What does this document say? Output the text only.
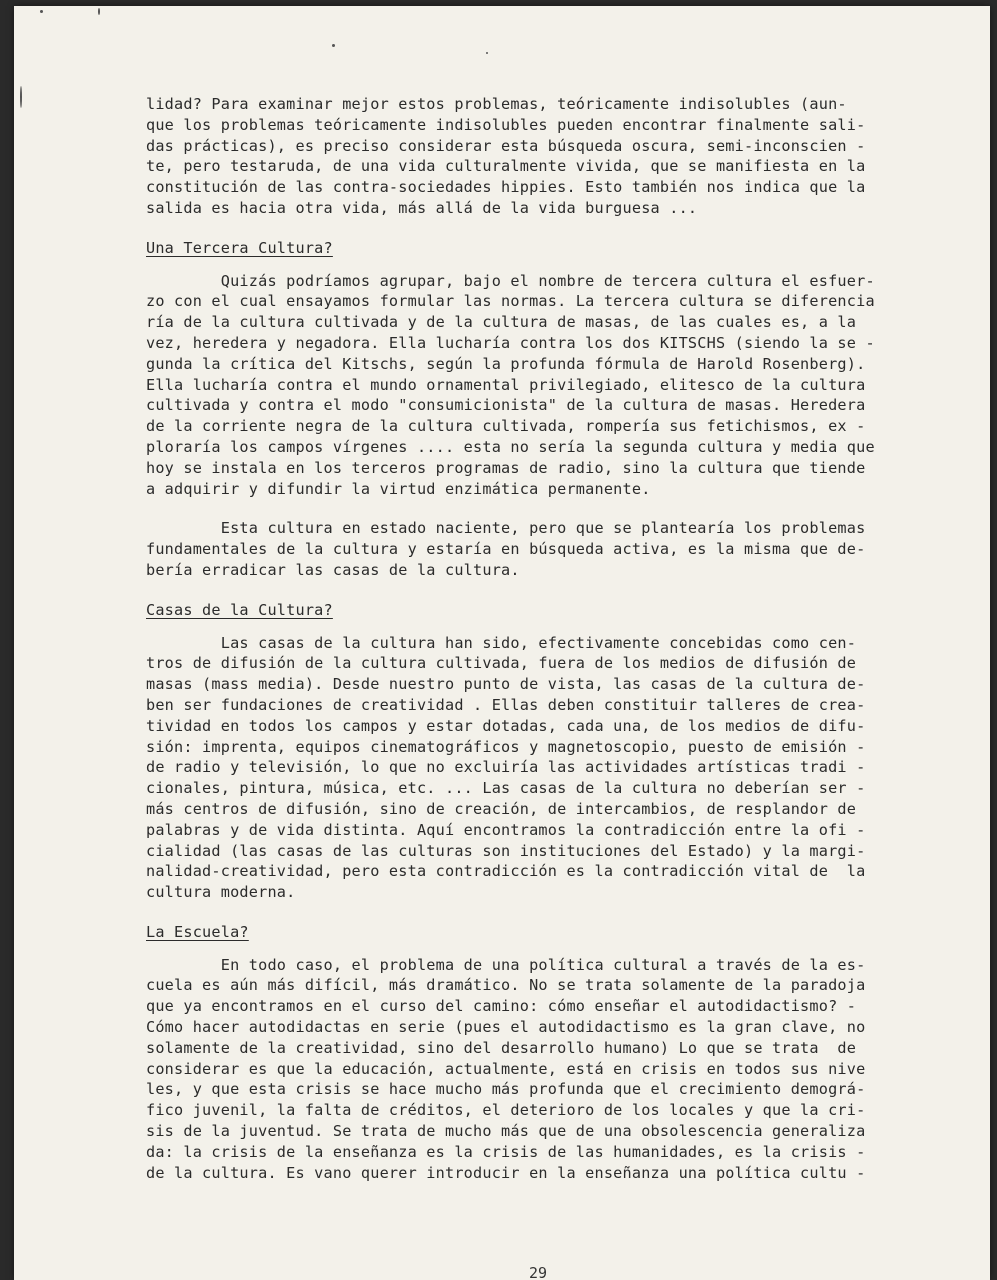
lidad? Para examinar mejor estos problemas, teóricamente indisolubles (aun-
que los problemas teóricamente indisolubles pueden encontrar finalmente sali-
das prácticas), es preciso considerar esta búsqueda oscura, semi-inconscien -
te, pero testaruda, de una vida culturalmente vivida, que se manifiesta en la
constitución de las contra-sociedades hippies. Esto también nos indica que la
salida es hacia otra vida, más allá de la vida burguesa ...
Una Tercera Cultura?
Quizás podríamos agrupar, bajo el nombre de tercera cultura el esfuer-
zo con el cual ensayamos formular las normas. La tercera cultura se diferencia
ría de la cultura cultivada y de la cultura de masas, de las cuales es, a la
vez, heredera y negadora. Ella lucharía contra los dos KITSCHS (siendo la se -
gunda la crítica del Kitschs, según la profunda fórmula de Harold Rosenberg).
Ella lucharía contra el mundo ornamental privilegiado, elitesco de la cultura
cultivada y contra el modo "consumicionista" de la cultura de masas. Heredera
de la corriente negra de la cultura cultivada, rompería sus fetichismos, ex -
ploraría los campos vírgenes .... esta no sería la segunda cultura y media que
hoy se instala en los terceros programas de radio, sino la cultura que tiende
a adquirir y difundir la virtud enzimática permanente.
Esta cultura en estado naciente, pero que se plantearía los problemas
fundamentales de la cultura y estaría en búsqueda activa, es la misma que de-
bería erradicar las casas de la cultura.
Casas de la Cultura?
Las casas de la cultura han sido, efectivamente concebidas como cen-
tros de difusión de la cultura cultivada, fuera de los medios de difusión de
masas (mass media). Desde nuestro punto de vista, las casas de la cultura de-
ben ser fundaciones de creatividad . Ellas deben constituir talleres de crea-
tividad en todos los campos y estar dotadas, cada una, de los medios de difu-
sión: imprenta, equipos cinematográficos y magnetoscopio, puesto de emisión -
de radio y televisión, lo que no excluiría las actividades artísticas tradi -
cionales, pintura, música, etc. ... Las casas de la cultura no deberían ser -
más centros de difusión, sino de creación, de intercambios, de resplandor de
palabras y de vida distinta. Aquí encontramos la contradicción entre la ofi -
cialidad (las casas de las culturas son instituciones del Estado) y la margi-
nalidad-creatividad, pero esta contradicción es la contradicción vital de  la
cultura moderna.
La Escuela?
En todo caso, el problema de una política cultural a través de la es-
cuela es aún más difícil, más dramático. No se trata solamente de la paradoja
que ya encontramos en el curso del camino: cómo enseñar el autodidactismo? -
Cómo hacer autodidactas en serie (pues el autodidactismo es la gran clave, no
solamente de la creatividad, sino del desarrollo humano) Lo que se trata  de
considerar es que la educación, actualmente, está en crisis en todos sus nive
les, y que esta crisis se hace mucho más profunda que el crecimiento demográ-
fico juvenil, la falta de créditos, el deterioro de los locales y que la cri-
sis de la juventud. Se trata de mucho más que de una obsolescencia generaliza
da: la crisis de la enseñanza es la crisis de las humanidades, es la crisis -
de la cultura. Es vano querer introducir en la enseñanza una política cultu -
29
